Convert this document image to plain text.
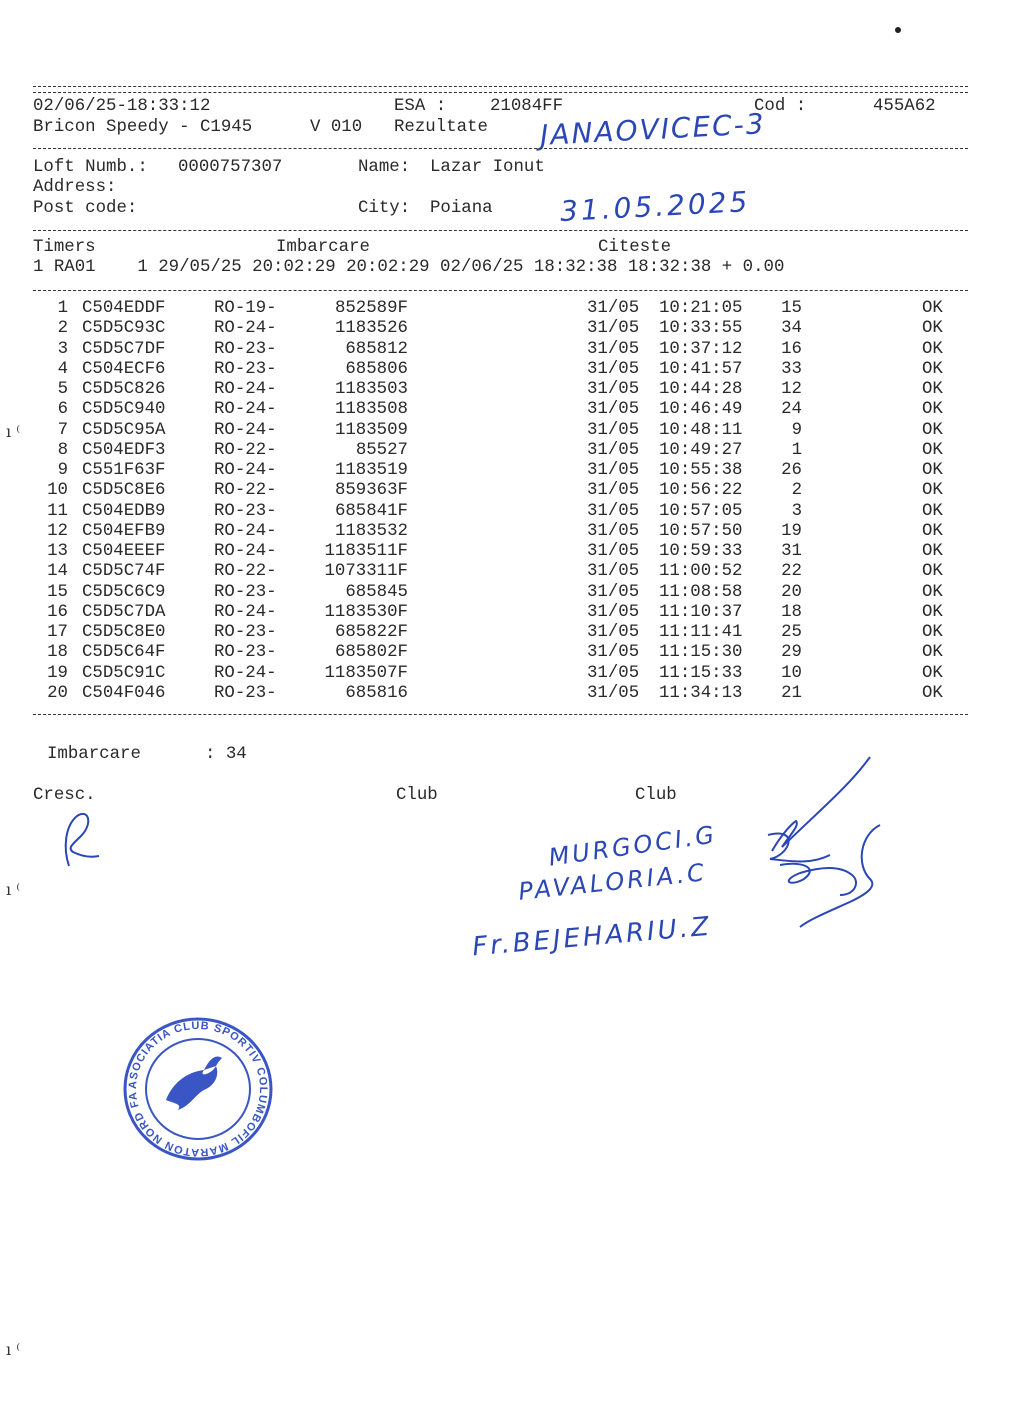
02/06/25-18:33:12	ESA :	21084FF	Cod :	455A62
Bricon Speedy - C1945	V 010 Rezultate JANAOVICEC-3
Loft Numb.: 0000757307	Name: Lazar Ionut
Address:
Post code:	City: Poiana 31.05.2025
Timers	Imbarcare	Citeste
1 RA01    1 29/05/25 20:02:29 20:02:29 02/06/25 18:32:38 18:32:38 + 0.00
1 C504EDDF	RO-19-	852589F	31/05 10:21:05 15	OK
2 C5D5C93C	RO-24-	1183526	31/05 10:33:55 34	OK
3 C5D5C7DF	RO-23-	685812	31/05 10:37:12 16	OK
4 C504ECF6	RO-23-	685806	31/05 10:41:57 33	OK
5 C5D5C826	RO-24-	1183503	31/05 10:44:28 12	OK
6 C5D5C940	RO-24-	1183508	31/05 10:46:49 24	OK
7 C5D5C95A	RO-24-	1183509	31/05 10:48:11	9	OK
8 C504EDF3	RO-22-	85527	31/05 10:49:27	1	OK
9 C551F63F	RO-24-	1183519	31/05 10:55:38 26	OK
10 C5D5C8E6	RO-22-	859363F	31/05 10:56:22	2	OK
11 C504EDB9	RO-23-	685841F	31/05 10:57:05	3	OK
12 C504EFB9	RO-24-	1183532	31/05 10:57:50 19	OK
13 C504EEEF	RO-24-	1183511F	31/05 10:59:33 31	OK
14 C5D5C74F	RO-22-	1073311F	31/05 11:00:52 22	OK
15 C5D5C6C9	RO-23-	685845	31/05 11:08:58 20	OK
16 C5D5C7DA	RO-24-	1183530F	31/05 11:10:37 18	OK
17 C5D5C8E0	RO-23-	685822F	31/05 11:11:41 25	OK
18 C5D5C64F	RO-23-	685802F	31/05 11:15:30 29	OK
19 C5D5C91C	RO-24-	1183507F	31/05 11:15:33 10	OK
20 C504F046	RO-23-	685816	31/05 11:34:13 21	OK
Imbarcare	: 34
Cresc.	Club	Club
MURGOCI.G
PAVALORIA.C
Fr.BEJEHARIU.Z
ı ⁽
ı ⁽
ı ⁽
ASOCIATIA CLUB SPORTIV COLUMBOFIL MARATON NORD FALTICENI
